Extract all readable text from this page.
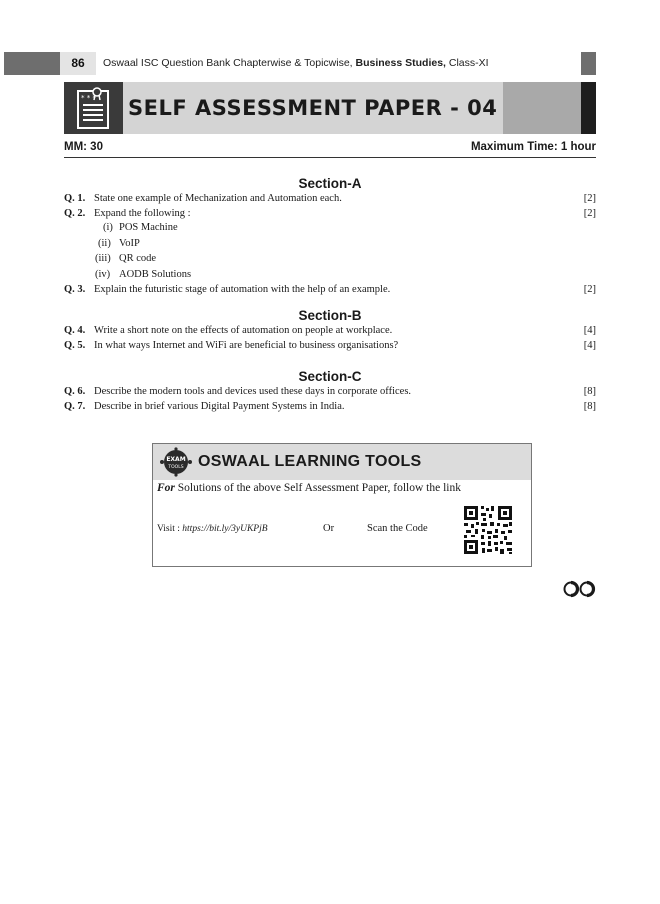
86	Oswaal ISC Question Bank Chapterwise & Topicwise, Business Studies, Class-XI
* * * SELF ASSESSMENT PAPER - 04
MM: 30	Maximum Time: 1 hour
Section-A
Q. 1. State one example of Mechanization and Automation each.	[2]
Q. 2. Expand the following :	[2]
(i) POS Machine
(ii) VoIP
(iii) QR code
(iv) AODB Solutions
Q. 3. Explain the futuristic stage of automation with the help of an example.	[2]
Section-B
Q. 4. Write a short note on the effects of automation on people at workplace.	[4]
Q. 5. In what ways Internet and WiFi are beneficial to business organisations?	[4]
Section-C
Q. 6. Describe the modern tools and devices used these days in corporate offices.	[8]
Q. 7. Describe in brief various Digital Payment Systems in India.	[8]
EXAM
TOOLS OSWAAL LEARNING TOOLS
For Solutions of the above Self Assessment Paper, follow the link
Visit : https://bit.ly/3yUKPjB	Or	Scan the Code
